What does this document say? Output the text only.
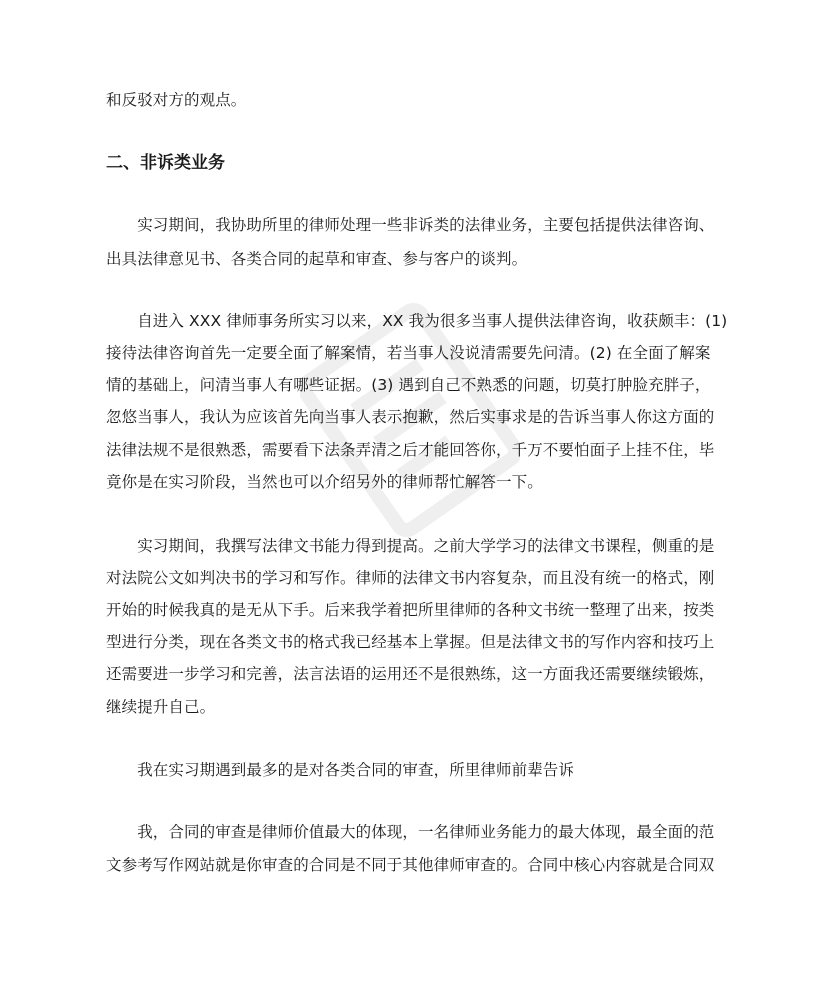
和反驳对方的观点。
二、非诉类业务
　　实习期间，我协助所里的律师处理一些非诉类的法律业务，主要包括提供法律咨询、
出具法律意见书、各类合同的起草和审查、参与客户的谈判。
　　自进入 XXX 律师事务所实习以来，XX 我为很多当事人提供法律咨询，收获颇丰：(1)
接待法律咨询首先一定要全面了解案情，若当事人没说清需要先问清。(2) 在全面了解案
情的基础上，问清当事人有哪些证据。(3) 遇到自己不熟悉的问题，切莫打肿脸充胖子，
忽悠当事人，我认为应该首先向当事人表示抱歉，然后实事求是的告诉当事人你这方面的
法律法规不是很熟悉，需要看下法条弄清之后才能回答你，千万不要怕面子上挂不住，毕
竟你是在实习阶段，当然也可以介绍另外的律师帮忙解答一下。
　　实习期间，我撰写法律文书能力得到提高。之前大学学习的法律文书课程，侧重的是
对法院公文如判决书的学习和写作。律师的法律文书内容复杂，而且没有统一的格式，刚
开始的时候我真的是无从下手。后来我学着把所里律师的各种文书统一整理了出来，按类
型进行分类，现在各类文书的格式我已经基本上掌握。但是法律文书的写作内容和技巧上
还需要进一步学习和完善，法言法语的运用还不是很熟练，这一方面我还需要继续锻炼，
继续提升自己。
　　我在实习期遇到最多的是对各类合同的审查，所里律师前辈告诉
　　我，合同的审查是律师价值最大的体现，一名律师业务能力的最大体现，最全面的范
文参考写作网站就是你审查的合同是不同于其他律师审查的。合同中核心内容就是合同双
